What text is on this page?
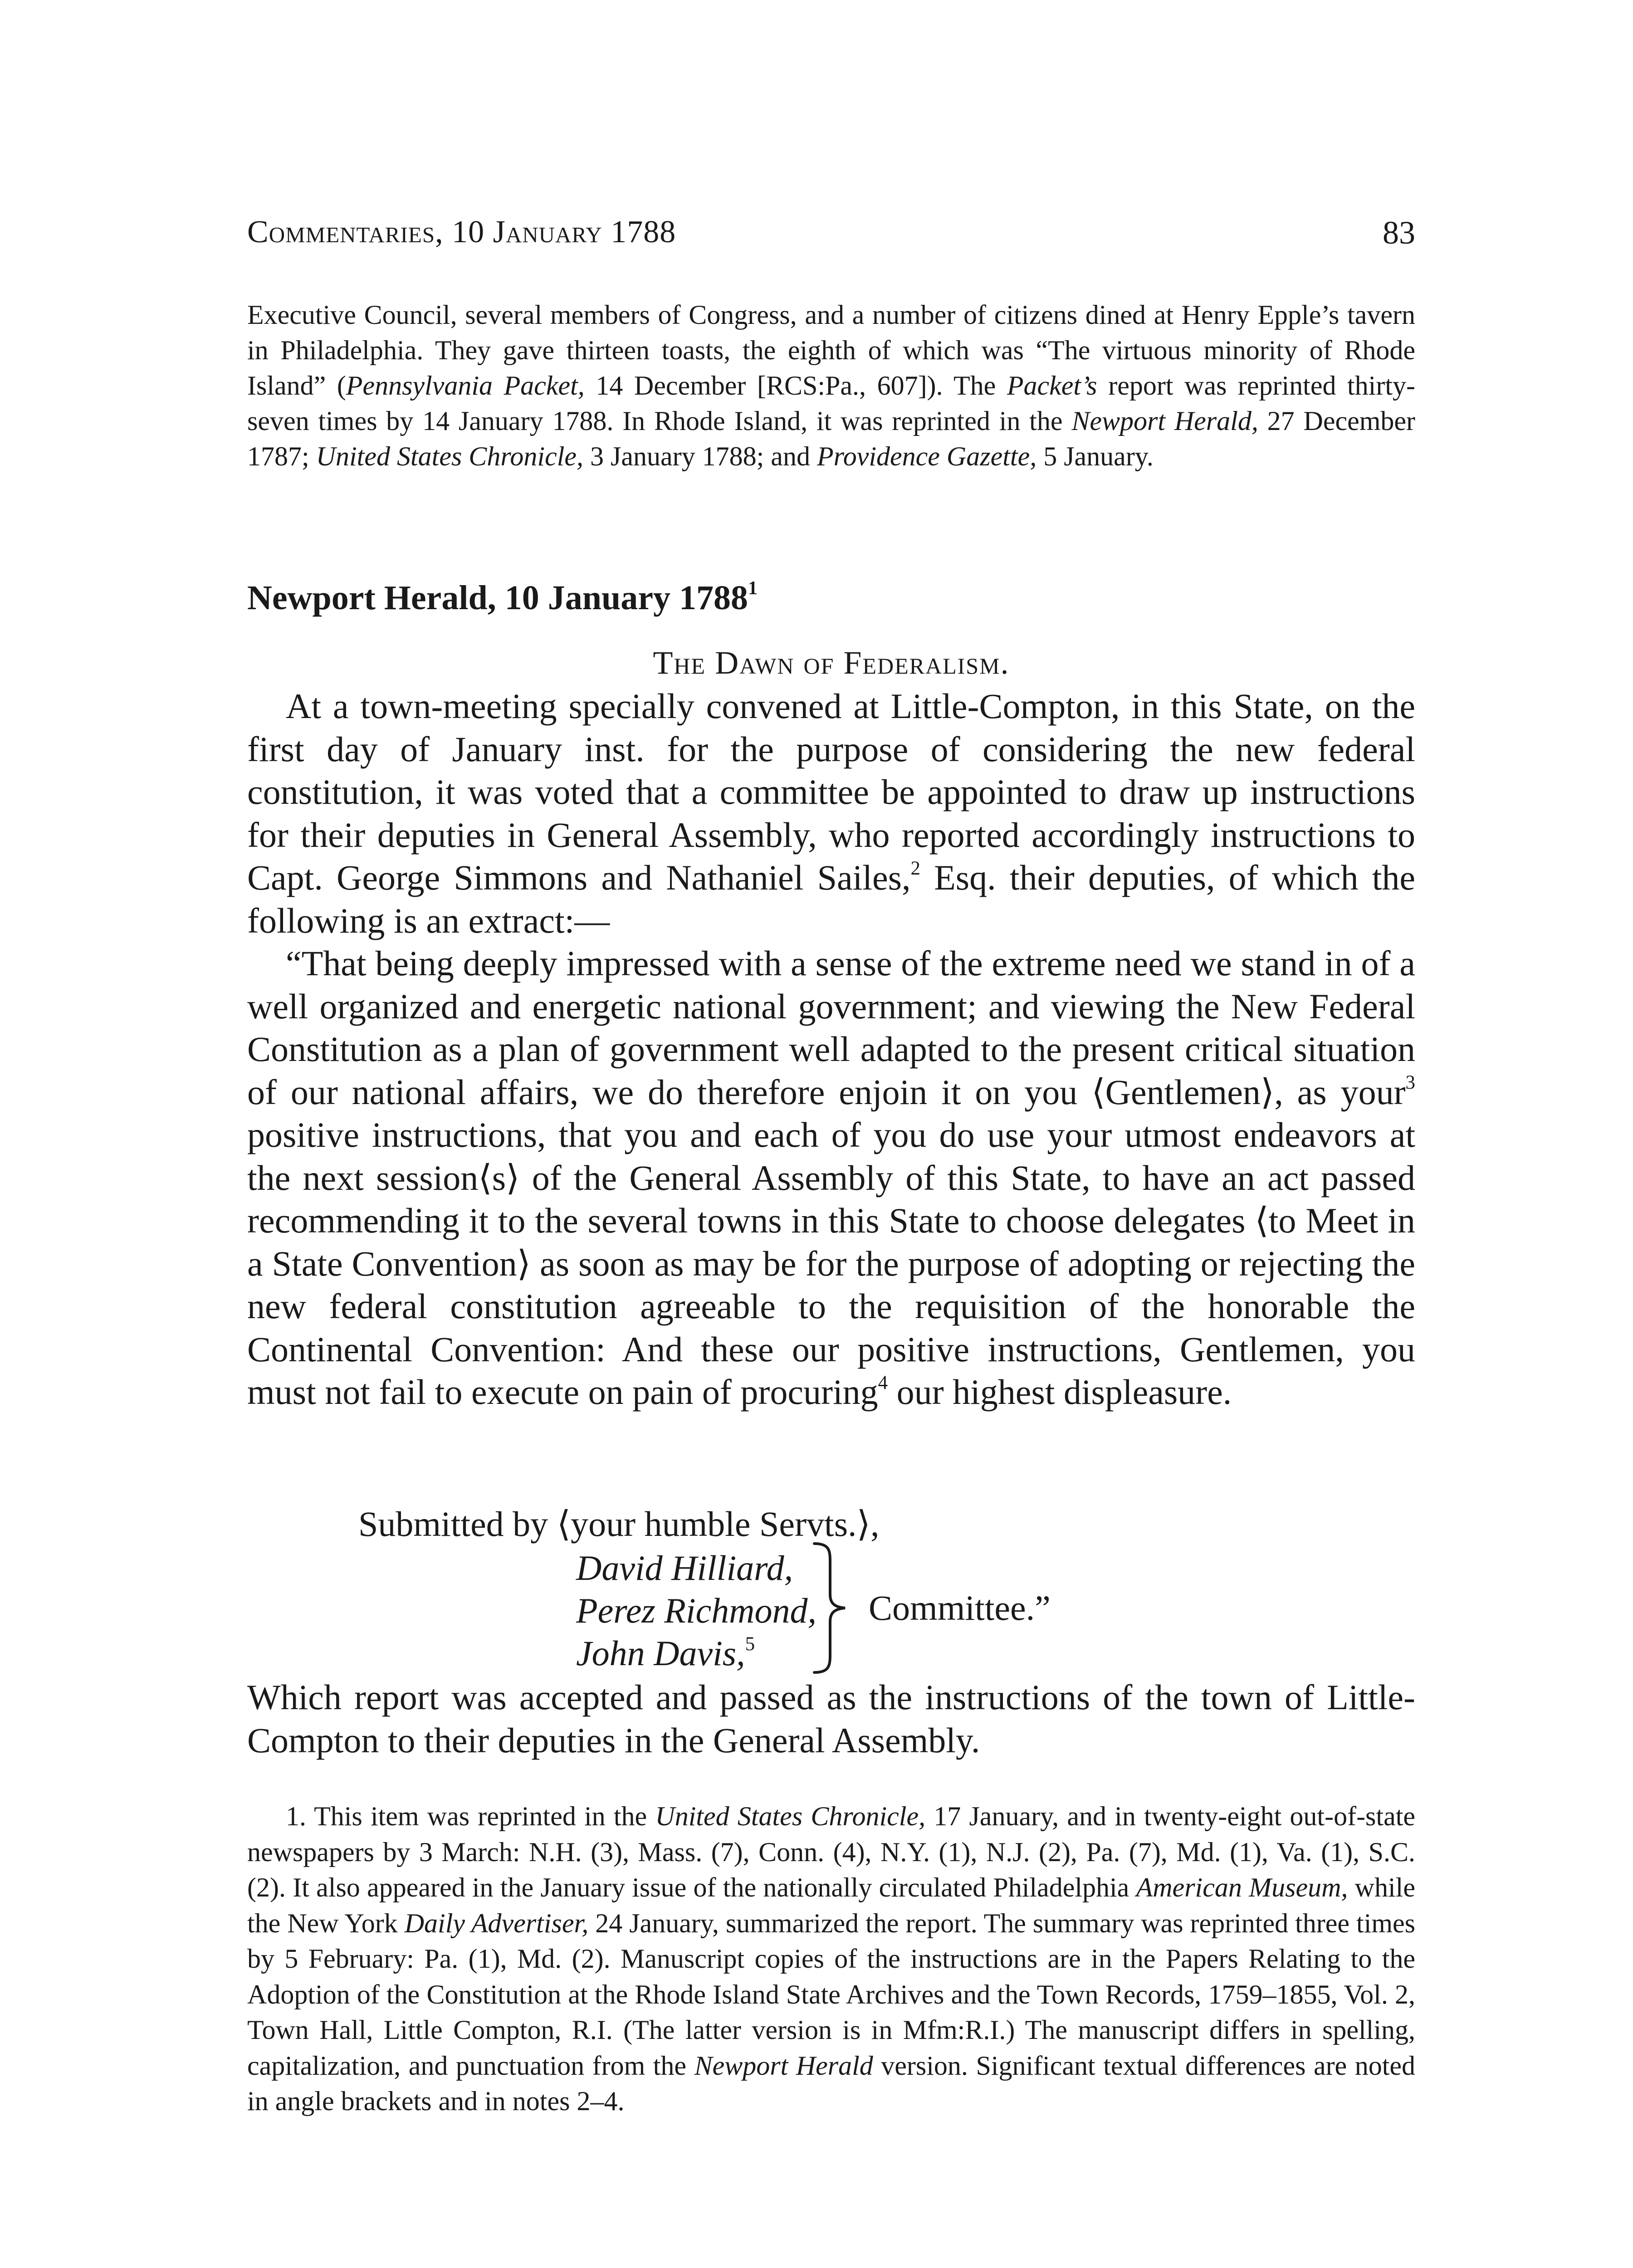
Commentaries, 10 January 1788	83

Executive Council, several members of Congress, and a number of citizens dined at Henry Epple’s tavern in Philadelphia. They gave thirteen toasts, the eighth of which was “The virtuous minority of Rhode Island” (Pennsylvania Packet, 14 December [RCS:Pa., 607]). The Packet’s report was reprinted thirty-seven times by 14 January 1788. In Rhode Island, it was reprinted in the Newport Herald, 27 December 1787; United States Chronicle, 3 January 1788; and Providence Gazette, 5 January.

Newport Herald, 10 January 1788$^1$
The Dawn of Federalism.

At a town-meeting specially convened at Little-Compton, in this State, on the first day of January inst. for the purpose of considering the new federal constitution, it was voted that a committee be appointed to draw up instructions for their deputies in General Assembly, who reported accordingly instructions to Capt. George Simmons and Nathaniel Sailes,$^2$ Esq. their deputies, of which the following is an extract:—

“That being deeply impressed with a sense of the extreme need we stand in of a well organized and energetic national government; and viewing the New Federal Constitution as a plan of government well adapted to the present critical situation of our national affairs, we do therefore enjoin it on you ⟨Gentlemen⟩, as your$^3$ positive instructions, that you and each of you do use your utmost endeavors at the next session⟨s⟩ of the General Assembly of this State, to have an act passed recommending it to the several towns in this State to choose delegates ⟨to Meet in a State Convention⟩ as soon as may be for the purpose of adopting or rejecting the new federal constitution agreeable to the requisition of the honorable the Continental Convention: And these our positive instructions, Gentlemen, you must not fail to execute on pain of procuring$^4$ our highest displeasure.

Submitted by ⟨your humble Servts.⟩,
David Hilliard,
Perez Richmond,
John Davis,$^5$
Committee.”

Which report was accepted and passed as the instructions of the town of Little-Compton to their deputies in the General Assembly.

1. This item was reprinted in the United States Chronicle, 17 January, and in twenty-eight out-of-state newspapers by 3 March: N.H. (3), Mass. (7), Conn. (4), N.Y. (1), N.J. (2), Pa. (7), Md. (1), Va. (1), S.C. (2). It also appeared in the January issue of the nationally circulated Philadelphia American Museum, while the New York Daily Advertiser, 24 January, summarized the report. The summary was reprinted three times by 5 February: Pa. (1), Md. (2). Manuscript copies of the instructions are in the Papers Relating to the Adoption of the Constitution at the Rhode Island State Archives and the Town Records, 1759–1855, Vol. 2, Town Hall, Little Compton, R.I. (The latter version is in Mfm:R.I.) The manuscript differs in spelling, capitalization, and punctuation from the Newport Herald version. Significant textual differences are noted in angle brackets and in notes 2–4.
